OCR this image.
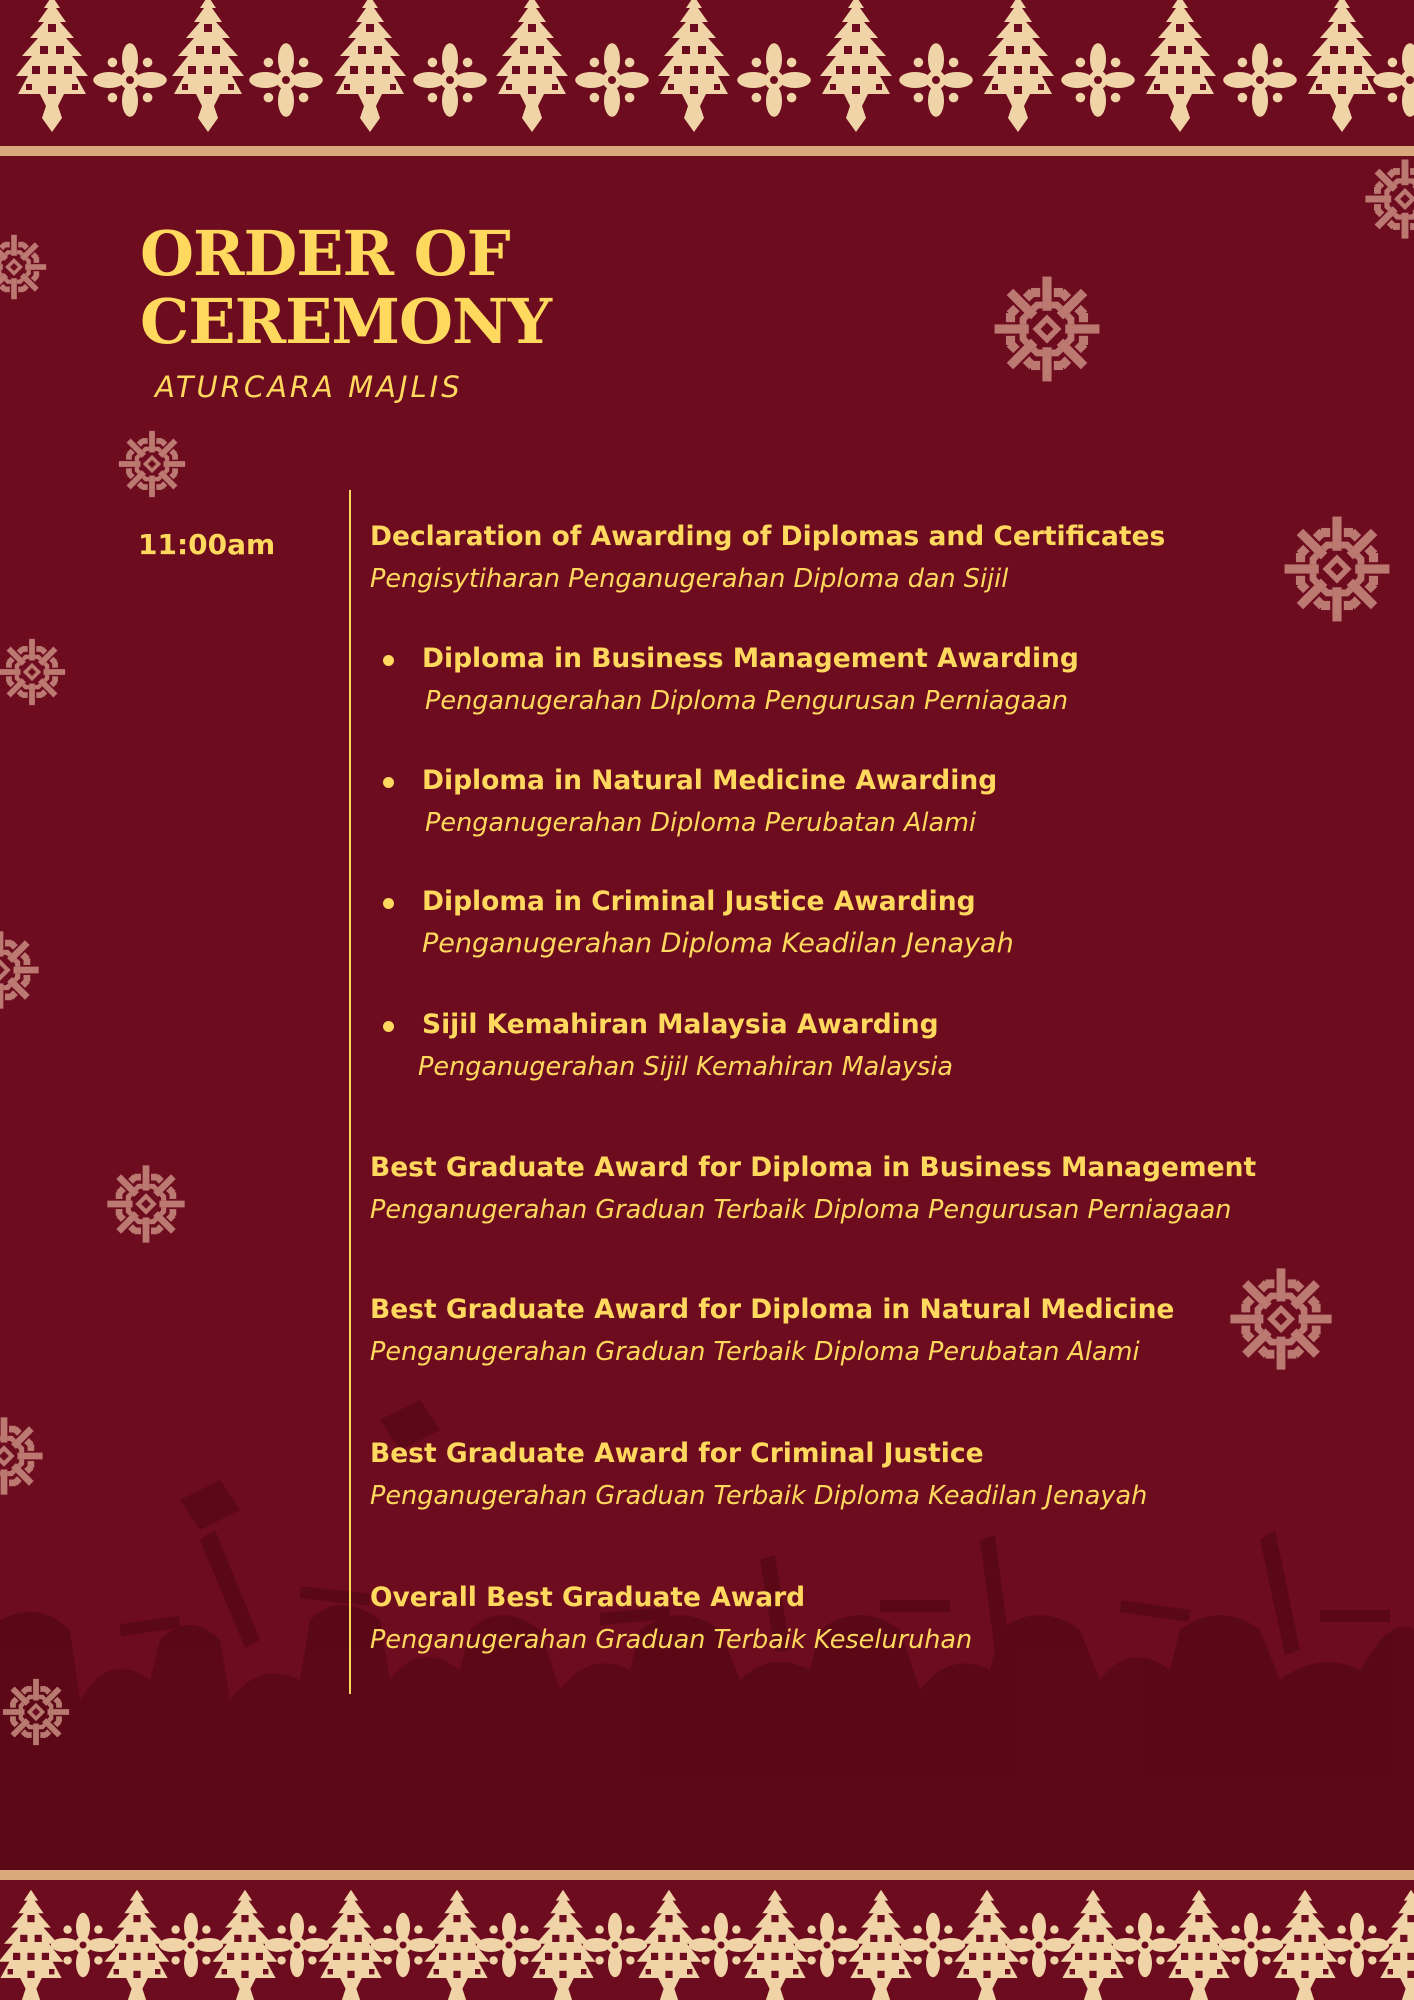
ORDER OF
CEREMONY
ATURCARA MAJLIS
11:00am	Declaration of Awarding of Diplomas and Certificates
Pengisytiharan Penganugerahan Diploma dan Sijil
Diploma in Business Management Awarding
Penganugerahan Diploma Pengurusan Perniagaan
Diploma in Natural Medicine Awarding
Penganugerahan Diploma Perubatan Alami
Diploma in Criminal Justice Awarding
Penganugerahan Diploma Keadilan Jenayah
Sijil Kemahiran Malaysia Awarding
Penganugerahan Sijil Kemahiran Malaysia
Best Graduate Award for Diploma in Business Management
Penganugerahan Graduan Terbaik Diploma Pengurusan Perniagaan
Best Graduate Award for Diploma in Natural Medicine
Penganugerahan Graduan Terbaik Diploma Perubatan Alami
Best Graduate Award for Criminal Justice
Penganugerahan Graduan Terbaik Diploma Keadilan Jenayah
Overall Best Graduate Award
Penganugerahan Graduan Terbaik Keseluruhan
